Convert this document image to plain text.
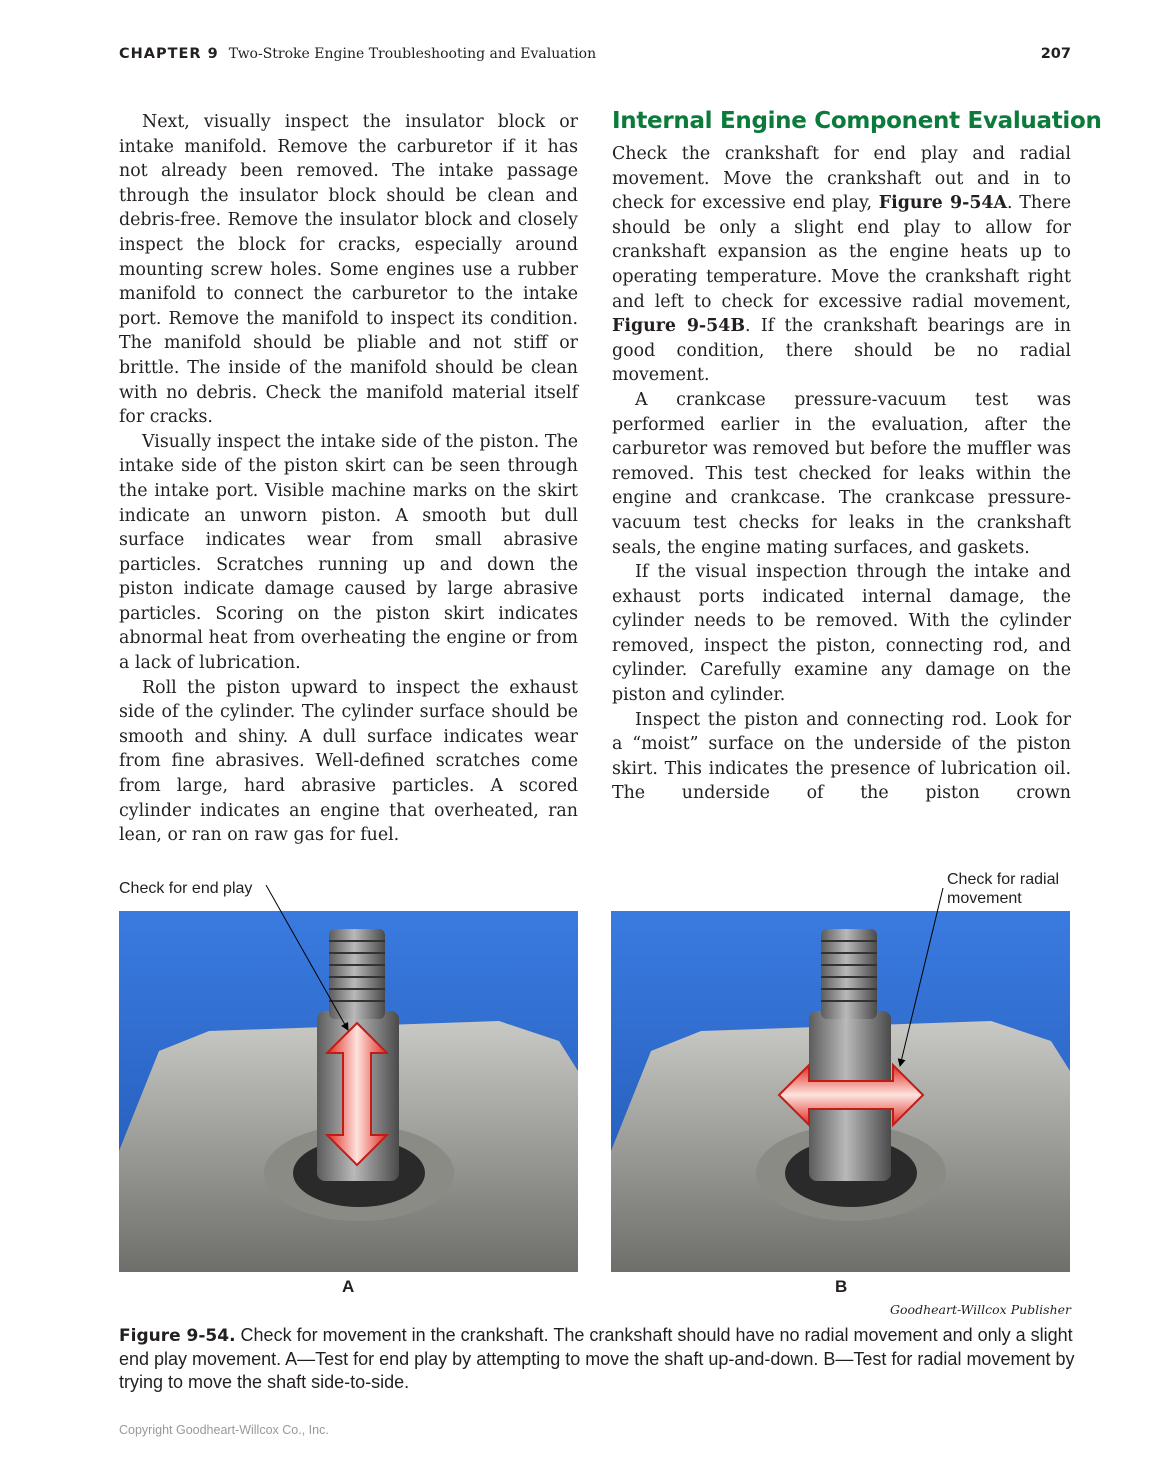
CHAPTER 9 Two-Stroke Engine Troubleshooting and Evaluation	207

Next, visually inspect the insulator block or intake manifold. Remove the carburetor if it has not already been removed. The intake passage through the insulator block should be clean and debris-free. Remove the insulator block and closely inspect the block for cracks, especially around mounting screw holes. Some engines use a rubber manifold to connect the carburetor to the intake port. Remove the manifold to inspect its condition. The manifold should be pliable and not stiff or brittle. The inside of the manifold should be clean with no debris. Check the manifold material itself for cracks.

Visually inspect the intake side of the piston. The intake side of the piston skirt can be seen through the intake port. Visible machine marks on the skirt indicate an unworn piston. A smooth but dull surface indicates wear from small abrasive particles. Scratches running up and down the piston indicate damage caused by large abrasive particles. Scoring on the piston skirt indicates abnormal heat from overheating the engine or from a lack of lubrication.

Roll the piston upward to inspect the exhaust side of the cylinder. The cylinder surface should be smooth and shiny. A dull surface indicates wear from fine abrasives. Well-defined scratches come from large, hard abrasive particles. A scored cylinder indicates an engine that overheated, ran lean, or ran on raw gas for fuel.

Internal Engine Component Evaluation

Check the crankshaft for end play and radial movement. Move the crankshaft out and in to check for excessive end play, Figure 9-54A. There should be only a slight end play to allow for crankshaft expansion as the engine heats up to operating temperature. Move the crankshaft right and left to check for excessive radial movement, Figure 9-54B. If the crankshaft bearings are in good condition, there should be no radial movement.

A crankcase pressure-vacuum test was performed earlier in the evaluation, after the carburetor was removed but before the muffler was removed. This test checked for leaks within the engine and crankcase. The crankcase pressure-vacuum test checks for leaks in the crankshaft seals, the engine mating surfaces, and gaskets.

If the visual inspection through the intake and exhaust ports indicated internal damage, the cylinder needs to be removed. With the cylinder removed, inspect the piston, connecting rod, and cylinder. Carefully examine any damage on the piston and cylinder.

Inspect the piston and connecting rod. Look for a “moist” surface on the underside of the piston skirt. This indicates the presence of lubrication oil. The underside of the piston crown

Check for end play
Check for radial movement
A	B
Goodheart-Willcox Publisher
Figure 9-54. Check for movement in the crankshaft. The crankshaft should have no radial movement and only a slight end play movement. A—Test for end play by attempting to move the shaft up-and-down. B—Test for radial movement by trying to move the shaft side-to-side.
Copyright Goodheart-Willcox Co., Inc.
